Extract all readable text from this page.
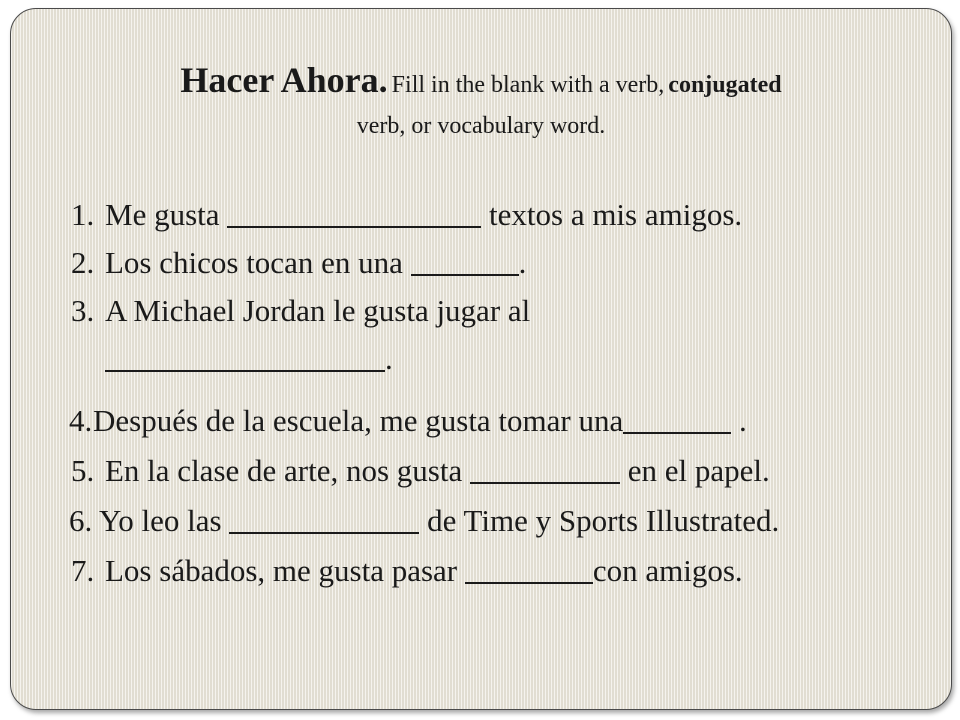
Hacer Ahora. Fill in the blank with a verb, conjugated
verb, or vocabulary word.
1. Me gusta	textos a mis amigos.
2. Los chicos tocan en una	.
3. A Michael Jordan le gusta jugar al
.
4. Después de la escuela, me gusta tomar una	.
5. En la clase de arte, nos gusta	en el papel.
6. Yo leo las	de Time y Sports Illustrated.
7. Los sábados, me gusta pasar	con amigos.
